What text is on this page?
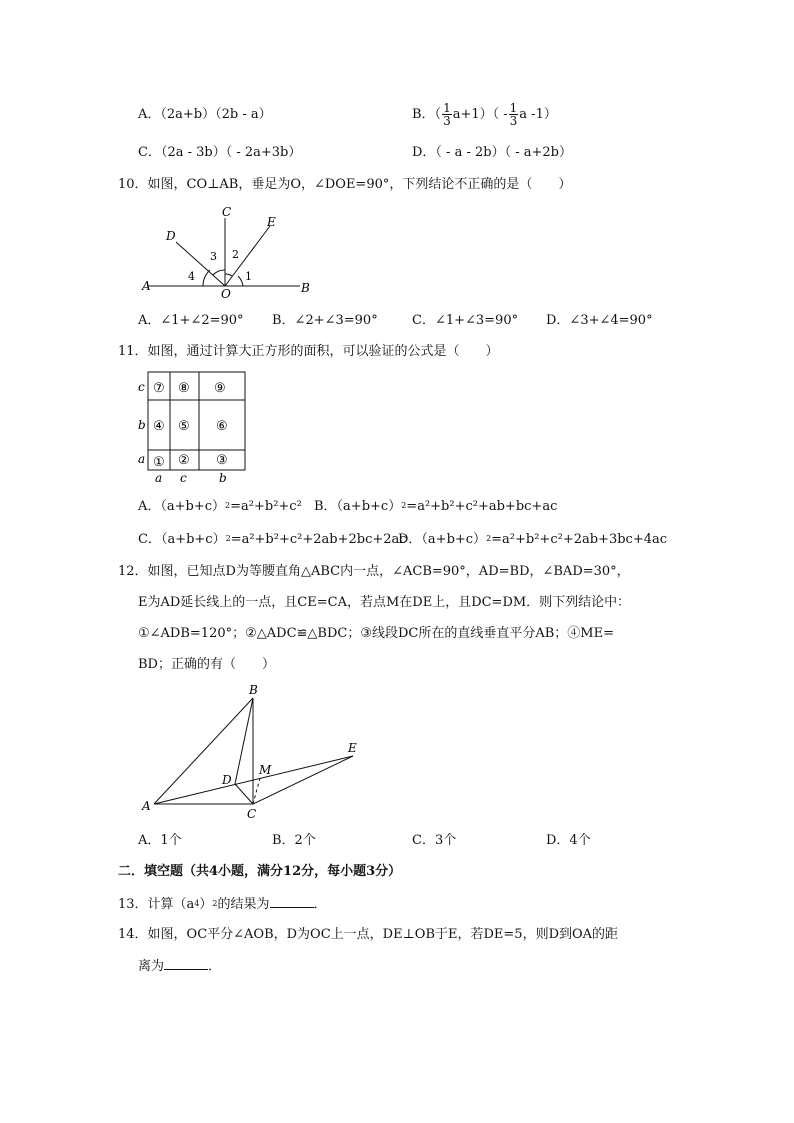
A．（2a+b）（2b - a）	B．（ $\frac{1}{3} a+1)( - \frac{1}{3}$ a -1）
C．（2a - 3b）（ - 2a+3b）	D．（ - a - 2b）（ - a+2b）
10．如图，CO⊥AB，垂足为O，∠DOE=90°，下列结论不正确的是（　　）
C
D
E
A
O	B
1
2
3
4
A．∠1+∠2=90° B．∠2+∠3=90°	C．∠1+∠3=90° D．∠3+∠4=90°
11．如图，通过计算大正方形的面积，可以验证的公式是（　　）
c
b
a
a c	b
⑦ ⑧ ⑨
④ ⑤ ⑥
① ② ③
A．$(a+b+c)^2=a^2+b^2+c^2$ B．$(a+b+c)^2=a^2+b^2+c^2+ab+bc+ac$
C．$(a+b+c)^2=a^2+b^2+c^2+2ab+2bc+2ac$
D．$(a+b+c)^2=a^2+b^2+c^2+2ab+3bc+4ac$
12．如图，已知点D为等腰直角△ABC内一点，∠ACB=90°，AD=BD，∠BAD=30°，
E为AD延长线上的一点，且CE=CA，若点M在DE上，且DC=DM．则下列结论中：
①∠ADB=120°；②△ADC≌△BDC；③线段DC所在的直线垂直平分AB；④ME=
BD；正确的有（　　）
B
A
C
D
E
M
A．1个	B．2个	C．3个	D．4个
二．填空题（共4小题，满分12分，每小题3分）
13．计算$(a^4)^2$的结果为	．
14．如图，OC平分∠AOB，D为OC上一点，DE⊥OB于E，若DE=5，则D到OA的距
离为	．
